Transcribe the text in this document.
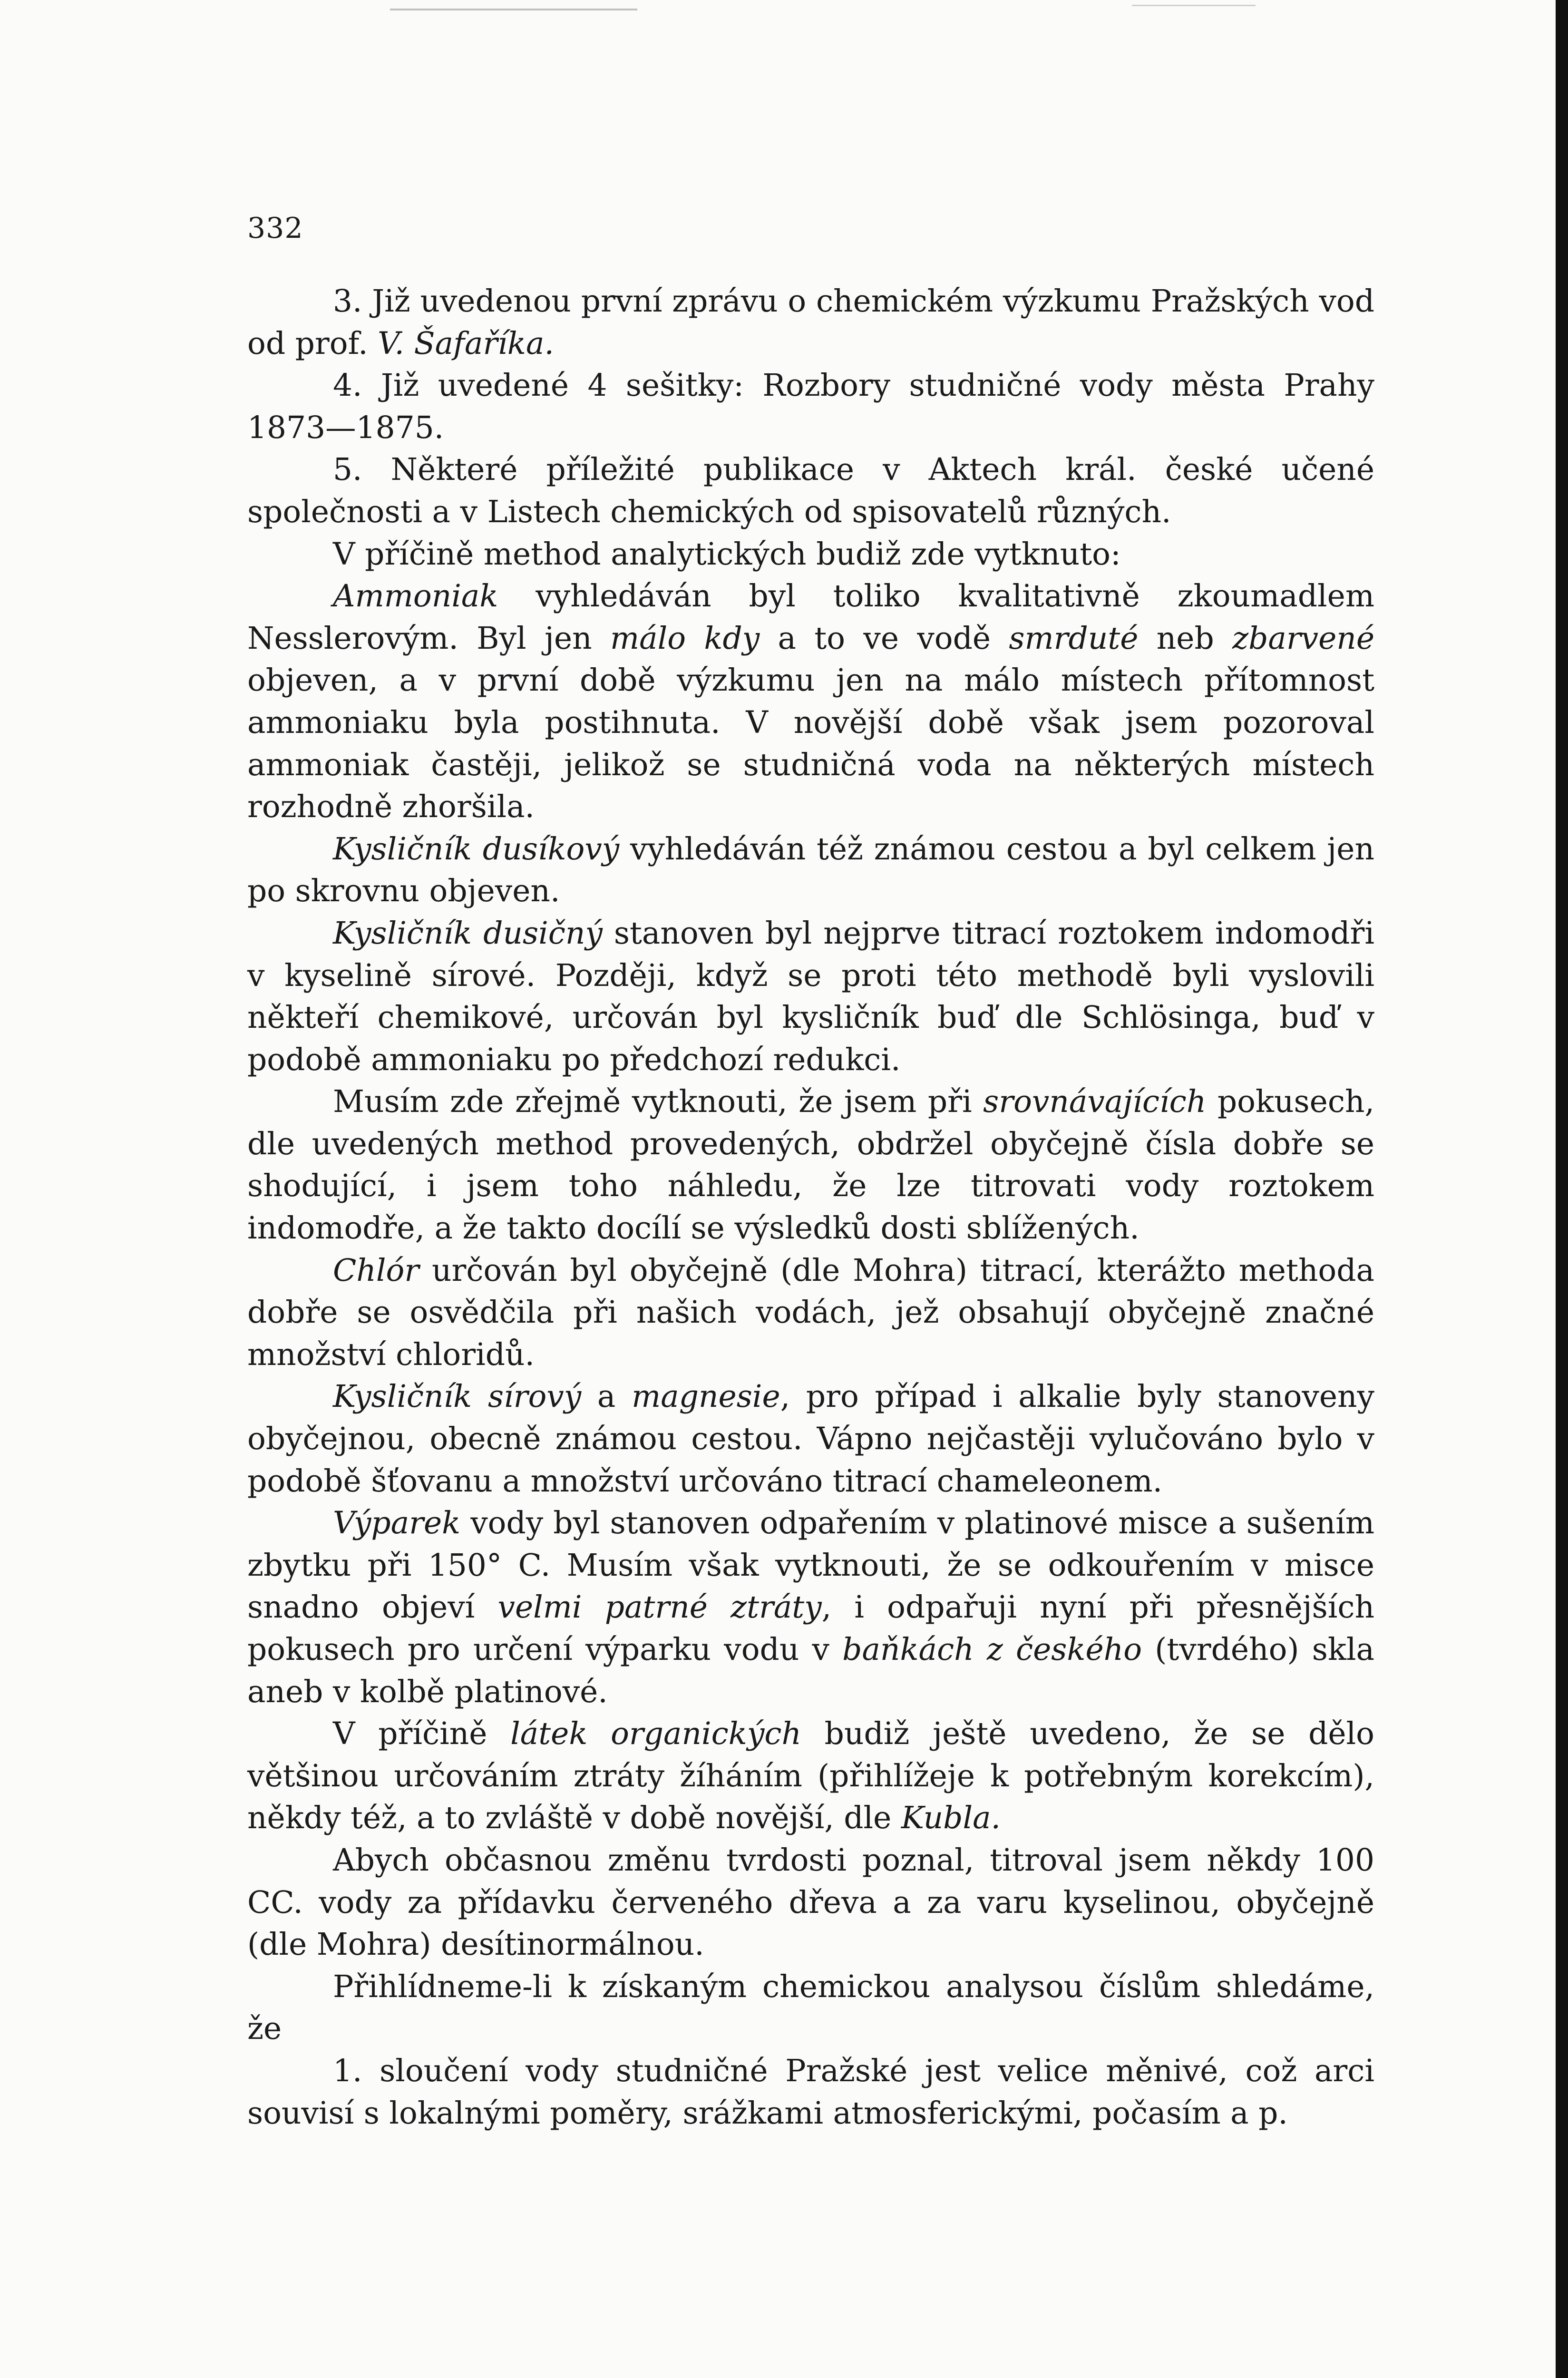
332

3. Již uvedenou první zprávu o chemickém výzkumu Pražských vod od prof. V. Šafaříka.

4. Již uvedené 4 sešitky: Rozbory studničné vody města Prahy 1873—1875.

5. Některé příležité publikace v Aktech král. české učené společnosti a v Listech chemických od spisovatelů různých.

V příčině method analytických budiž zde vytknuto:

Ammoniak vyhledáván byl toliko kvalitativně zkoumadlem Nesslerovým. Byl jen málo kdy a to ve vodě smrduté neb zbarvené objeven, a v první době výzkumu jen na málo místech přítomnost ammoniaku byla postihnuta. V novější době však jsem pozoroval ammoniak častěji, jelikož se studničná voda na některých místech rozhodně zhoršila.

Kysličník dusíkový vyhledáván též známou cestou a byl celkem jen po skrovnu objeven.

Kysličník dusičný stanoven byl nejprve titrací roztokem indomodři v kyselině sírové. Později, když se proti této methodě byli vyslovili někteří chemikové, určován byl kysličník buď dle Schlösinga, buď v podobě ammoniaku po předchozí redukci.

Musím zde zřejmě vytknouti, že jsem při srovnávajících pokusech, dle uvedených method provedených, obdržel obyčejně čísla dobře se shodující, i jsem toho náhledu, že lze titrovati vody roztokem indomodře, a že takto docílí se výsledků dosti sblížených.

Chlór určován byl obyčejně (dle Mohra) titrací, kterážto methoda dobře se osvědčila při našich vodách, jež obsahují obyčejně značné množství chloridů.

Kysličník sírový a magnesie, pro případ i alkalie byly stanoveny obyčejnou, obecně známou cestou. Vápno nejčastěji vylučováno bylo v podobě šťovanu a množství určováno titrací chameleonem.

Výparek vody byl stanoven odpařením v platinové misce a sušením zbytku při 150° C. Musím však vytknouti, že se odkouřením v misce snadno objeví velmi patrné ztráty, i odpařuji nyní při přesnějších pokusech pro určení výparku vodu v baňkách z českého (tvrdého) skla aneb v kolbě platinové.

V příčině látek organických budiž ještě uvedeno, že se dělo většinou určováním ztráty žíháním (přihlížeje k potřebným korekcím), někdy též, a to zvláště v době novější, dle Kubla.

Abych občasnou změnu tvrdosti poznal, titroval jsem někdy 100 CC. vody za přídavku červeného dřeva a za varu kyselinou, obyčejně (dle Mohra) desítinormálnou.

Přihlídneme-li k získaným chemickou analysou číslům shledáme, že

1. sloučení vody studničné Pražské jest velice měnivé, což arci souvisí s lokalnými poměry, srážkami atmosferickými, počasím a p.
